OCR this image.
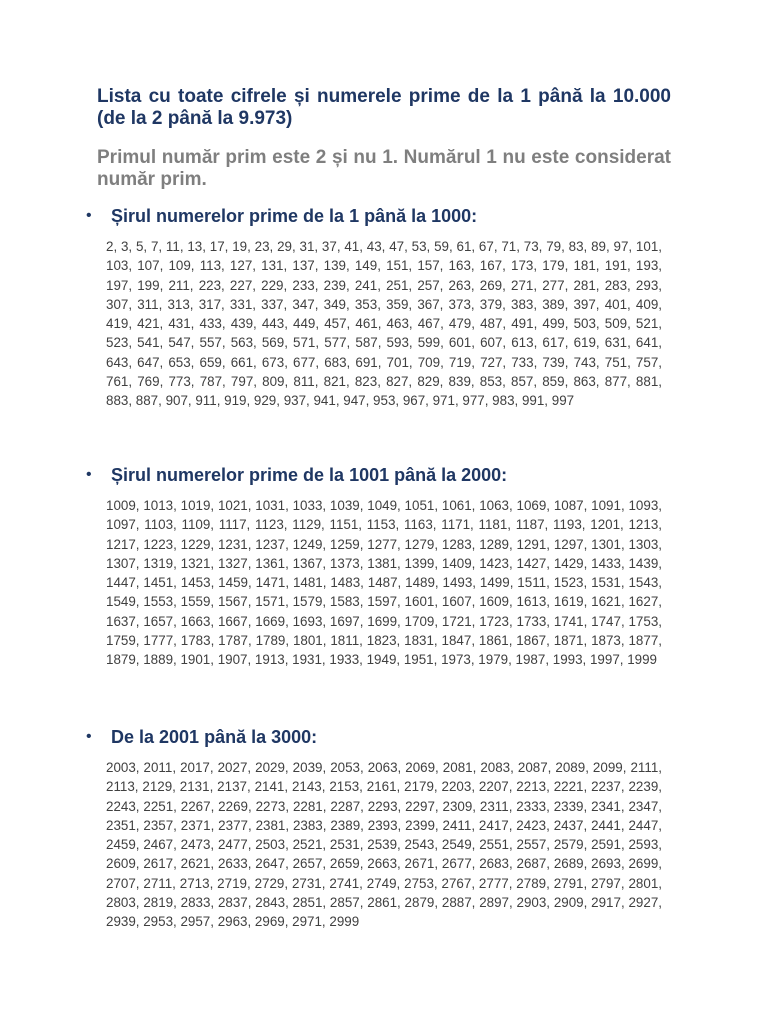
Lista cu toate cifrele și numerele prime de la 1 până la 10.000 (de la 2 până la 9.973)

Primul număr prim este 2 și nu 1. Numărul 1 nu este considerat număr prim.

• Șirul numerelor prime de la 1 până la 1000:
2, 3, 5, 7, 11, 13, 17, 19, 23, 29, 31, 37, 41, 43, 47, 53, 59, 61, 67, 71, 73, 79, 83, 89, 97, 101, 103, 107, 109, 113, 127, 131, 137, 139, 149, 151, 157, 163, 167, 173, 179, 181, 191, 193, 197, 199, 211, 223, 227, 229, 233, 239, 241, 251, 257, 263, 269, 271, 277, 281, 283, 293, 307, 311, 313, 317, 331, 337, 347, 349, 353, 359, 367, 373, 379, 383, 389, 397, 401, 409, 419, 421, 431, 433, 439, 443, 449, 457, 461, 463, 467, 479, 487, 491, 499, 503, 509, 521, 523, 541, 547, 557, 563, 569, 571, 577, 587, 593, 599, 601, 607, 613, 617, 619, 631, 641, 643, 647, 653, 659, 661, 673, 677, 683, 691, 701, 709, 719, 727, 733, 739, 743, 751, 757, 761, 769, 773, 787, 797, 809, 811, 821, 823, 827, 829, 839, 853, 857, 859, 863, 877, 881, 883, 887, 907, 911, 919, 929, 937, 941, 947, 953, 967, 971, 977, 983, 991, 997
• Șirul numerelor prime de la 1001 până la 2000:
1009, 1013, 1019, 1021, 1031, 1033, 1039, 1049, 1051, 1061, 1063, 1069, 1087, 1091, 1093, 1097, 1103, 1109, 1117, 1123, 1129, 1151, 1153, 1163, 1171, 1181, 1187, 1193, 1201, 1213, 1217, 1223, 1229, 1231, 1237, 1249, 1259, 1277, 1279, 1283, 1289, 1291, 1297, 1301, 1303, 1307, 1319, 1321, 1327, 1361, 1367, 1373, 1381, 1399, 1409, 1423, 1427, 1429, 1433, 1439, 1447, 1451, 1453, 1459, 1471, 1481, 1483, 1487, 1489, 1493, 1499, 1511, 1523, 1531, 1543, 1549, 1553, 1559, 1567, 1571, 1579, 1583, 1597, 1601, 1607, 1609, 1613, 1619, 1621, 1627, 1637, 1657, 1663, 1667, 1669, 1693, 1697, 1699, 1709, 1721, 1723, 1733, 1741, 1747, 1753, 1759, 1777, 1783, 1787, 1789, 1801, 1811, 1823, 1831, 1847, 1861, 1867, 1871, 1873, 1877, 1879, 1889, 1901, 1907, 1913, 1931, 1933, 1949, 1951, 1973, 1979, 1987, 1993, 1997, 1999
• De la 2001 până la 3000:
2003, 2011, 2017, 2027, 2029, 2039, 2053, 2063, 2069, 2081, 2083, 2087, 2089, 2099, 2111, 2113, 2129, 2131, 2137, 2141, 2143, 2153, 2161, 2179, 2203, 2207, 2213, 2221, 2237, 2239, 2243, 2251, 2267, 2269, 2273, 2281, 2287, 2293, 2297, 2309, 2311, 2333, 2339, 2341, 2347, 2351, 2357, 2371, 2377, 2381, 2383, 2389, 2393, 2399, 2411, 2417, 2423, 2437, 2441, 2447, 2459, 2467, 2473, 2477, 2503, 2521, 2531, 2539, 2543, 2549, 2551, 2557, 2579, 2591, 2593, 2609, 2617, 2621, 2633, 2647, 2657, 2659, 2663, 2671, 2677, 2683, 2687, 2689, 2693, 2699, 2707, 2711, 2713, 2719, 2729, 2731, 2741, 2749, 2753, 2767, 2777, 2789, 2791, 2797, 2801, 2803, 2819, 2833, 2837, 2843, 2851, 2857, 2861, 2879, 2887, 2897, 2903, 2909, 2917, 2927, 2939, 2953, 2957, 2963, 2969, 2971, 2999
